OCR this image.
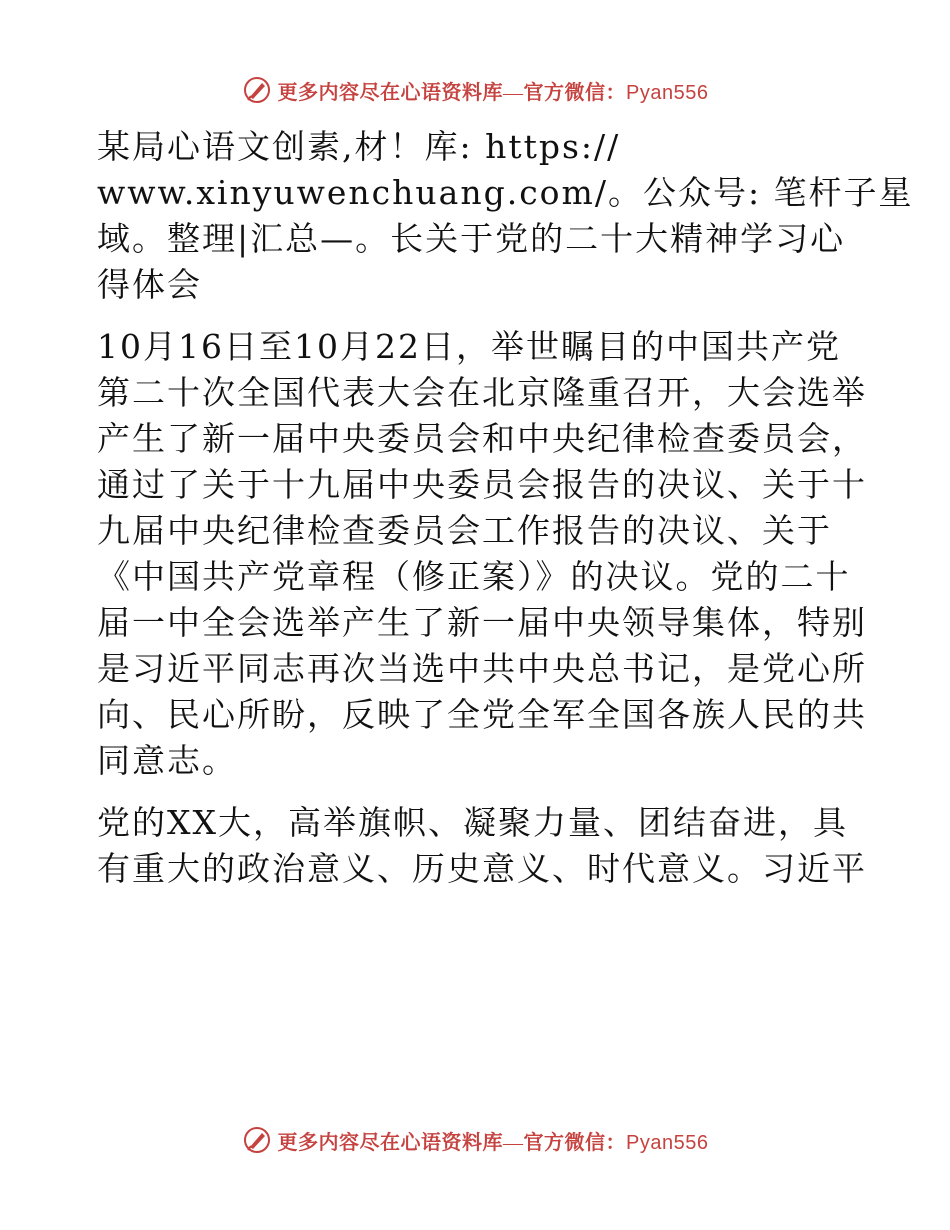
更多内容尽在心语资料库—官方微信：Pyan556

某局心语文创素,材！库: https://
www.xinyuwenchuang.com/。公众号: 笔杆子星
域。整理|汇总—。长关于党的二十大精神学习心
得体会

10月16日至10月22日，举世瞩目的中国共产党
第二十次全国代表大会在北京隆重召开，大会选举
产生了新一届中央委员会和中央纪律检查委员会，
通过了关于十九届中央委员会报告的决议、关于十
九届中央纪律检查委员会工作报告的决议、关于
《中国共产党章程（修正案）》的决议。党的二十
届一中全会选举产生了新一届中央领导集体，特别
是习近平同志再次当选中共中央总书记，是党心所
向、民心所盼，反映了全党全军全国各族人民的共
同意志。

党的XX大，高举旗帜、凝聚力量、团结奋进，具
有重大的政治意义、历史意义、时代意义。习近平

更多内容尽在心语资料库—官方微信：Pyan556
